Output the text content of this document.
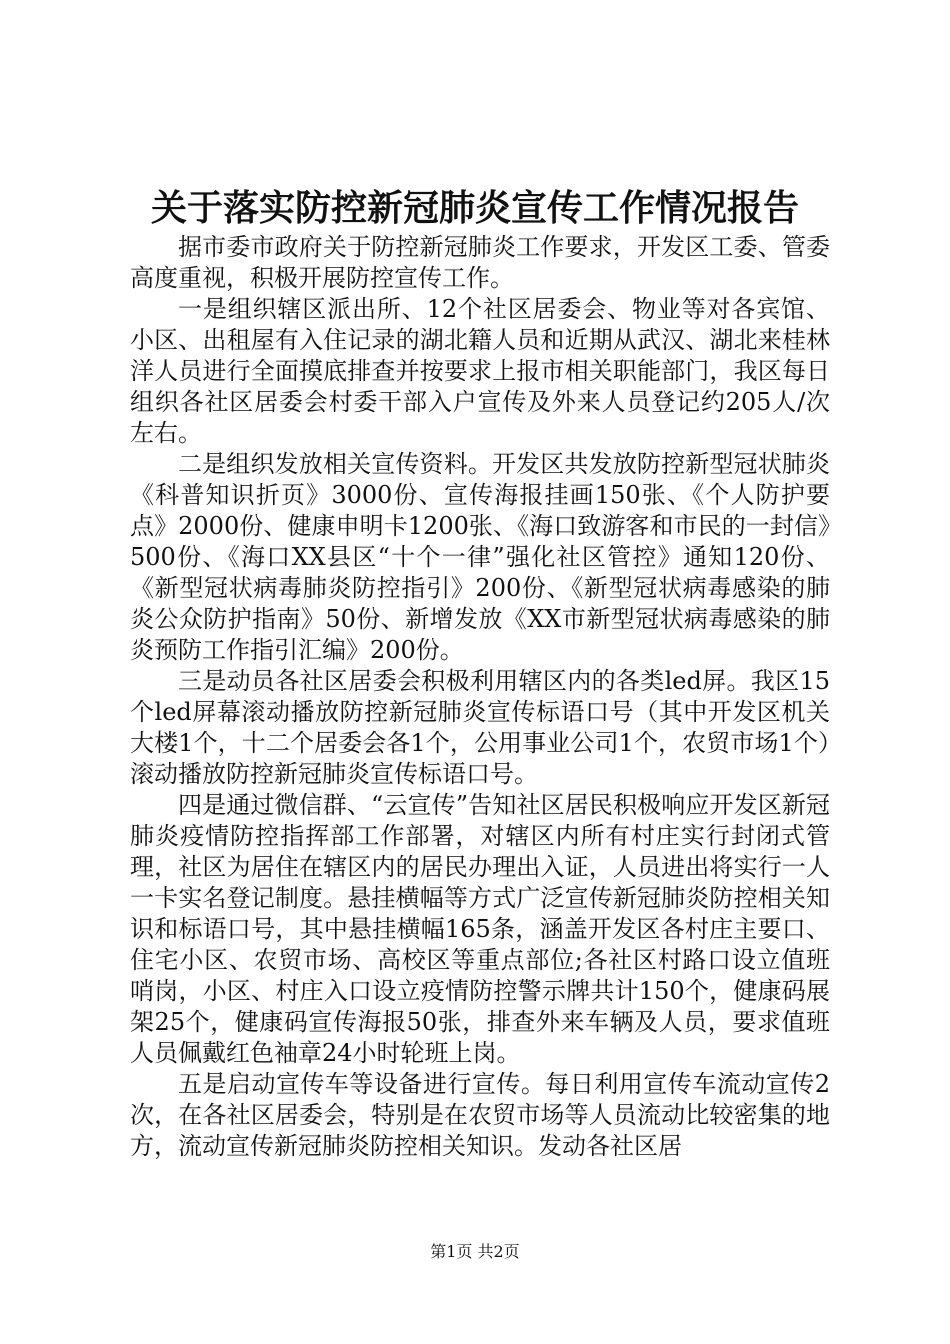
关于落实防控新冠肺炎宣传工作情况报告

据市委市政府关于防控新冠肺炎工作要求，开发区工委、管委高度重视，积极开展防控宣传工作。

一是组织辖区派出所、12个社区居委会、物业等对各宾馆、小区、出租屋有入住记录的湖北籍人员和近期从武汉、湖北来桂林洋人员进行全面摸底排查并按要求上报市相关职能部门，我区每日组织各社区居委会村委干部入户宣传及外来人员登记约205人/次左右。

二是组织发放相关宣传资料。开发区共发放防控新型冠状肺炎《科普知识折页》3000份、宣传海报挂画150张、《个人防护要点》2000份、健康申明卡1200张、《海口致游客和市民的一封信》500份、《海口XX县区“十个一律”强化社区管控》通知120份、《新型冠状病毒肺炎防控指引》200份、《新型冠状病毒感染的肺炎公众防护指南》50份、新增发放《XX市新型冠状病毒感染的肺炎预防工作指引汇编》200份。

三是动员各社区居委会积极利用辖区内的各类led屏。我区15个led屏幕滚动播放防控新冠肺炎宣传标语口号（其中开发区机关大楼1个，十二个居委会各1个，公用事业公司1个，农贸市场1个）滚动播放防控新冠肺炎宣传标语口号。

四是通过微信群、“云宣传”告知社区居民积极响应开发区新冠肺炎疫情防控指挥部工作部署，对辖区内所有村庄实行封闭式管理，社区为居住在辖区内的居民办理出入证，人员进出将实行一人一卡实名登记制度。悬挂横幅等方式广泛宣传新冠肺炎防控相关知识和标语口号，其中悬挂横幅165条，涵盖开发区各村庄主要口、住宅小区、农贸市场、高校区等重点部位;各社区村路口设立值班哨岗，小区、村庄入口设立疫情防控警示牌共计150个，健康码展架25个，健康码宣传海报50张，排查外来车辆及人员，要求值班人员佩戴红色袖章24小时轮班上岗。

五是启动宣传车等设备进行宣传。每日利用宣传车流动宣传2次，在各社区居委会，特别是在农贸市场等人员流动比较密集的地方，流动宣传新冠肺炎防控相关知识。发动各社区居

第1页 共2页
